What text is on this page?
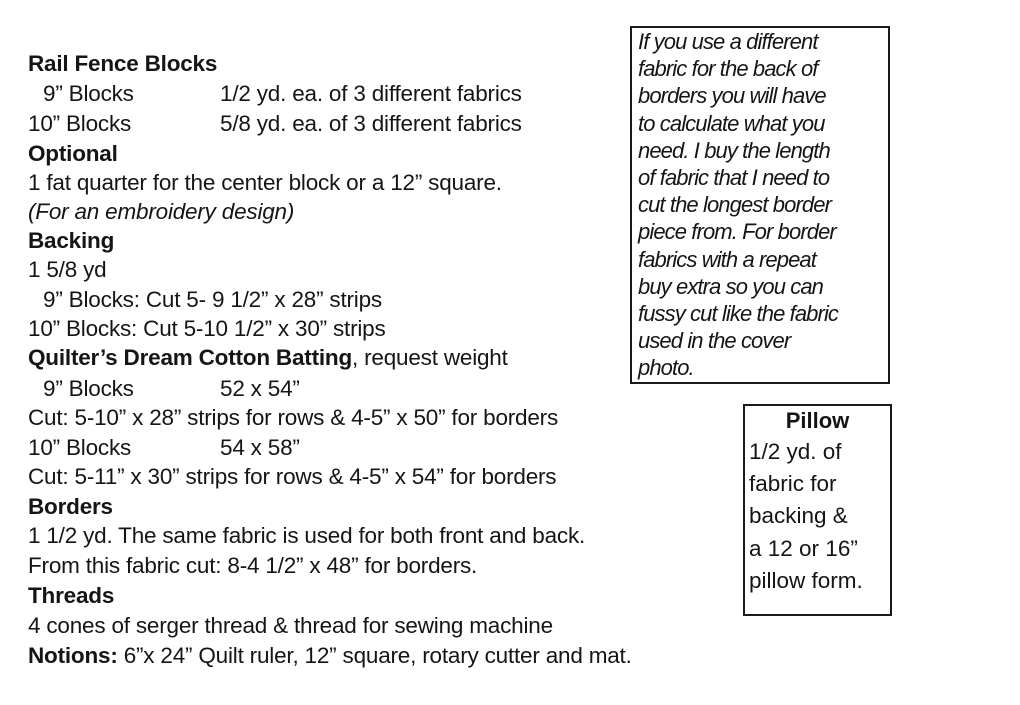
Rail Fence Blocks
9” Blocks	1/2 yd. ea. of 3 different fabrics
10” Blocks	5/8 yd. ea. of 3 different fabrics
Optional
1 fat quarter for the center block or a 12” square.
(For an embroidery design)
Backing
1 5/8 yd
9” Blocks: Cut 5- 9 1/2” x 28” strips
10” Blocks: Cut 5-10 1/2” x 30” strips
Quilter’s Dream Cotton Batting, request weight
9” Blocks	52 x 54”
Cut: 5-10” x 28” strips for rows & 4-5” x 50” for borders
10” Blocks	54 x 58”
Cut: 5-11” x 30” strips for rows & 4-5” x 54” for borders
Borders
1 1/2 yd. The same fabric is used for both front and back.
From this fabric cut: 8-4 1/2” x 48” for borders.
Threads
4 cones of serger thread & thread for sewing machine
Notions: 6”x 24” Quilt ruler, 12” square, rotary cutter and mat.
If you use a different
fabric for the back of
borders you will have
to calculate what you
need. I buy the length
of fabric that I need to
cut the longest border
piece from. For border
fabrics with a repeat
buy extra so you can
fussy cut like the fabric
used in the cover
photo.
Pillow
1/2 yd. of
fabric for
backing &
a 12 or 16”
pillow form.
